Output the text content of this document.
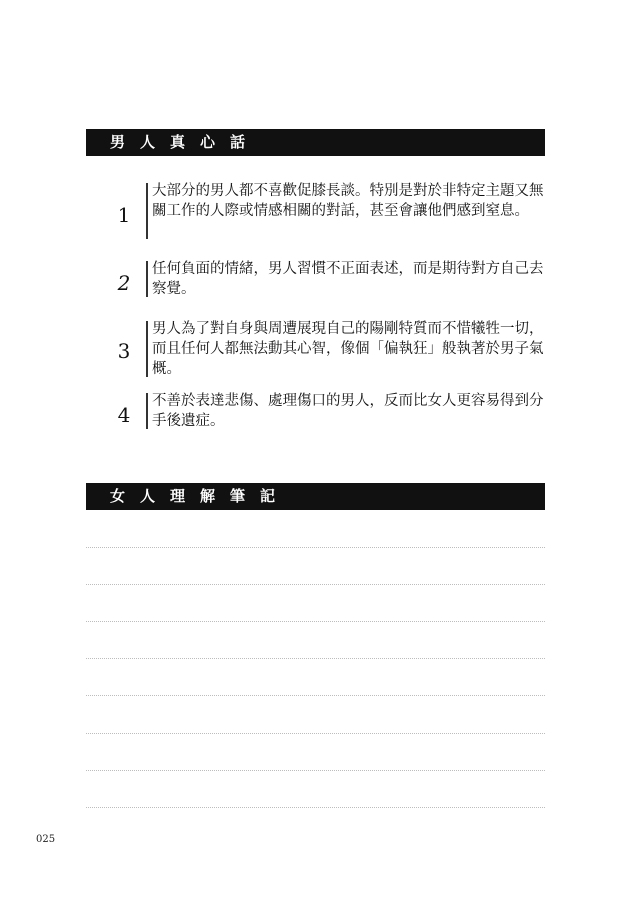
男人真心話
1
大部分的男人都不喜歡促膝長談。特別是對於非特定主題又無關工作的人際或情感相關的對話，甚至會讓他們感到窒息。
2
任何負面的情緒，男人習慣不正面表述，而是期待對方自己去察覺。
3
男人為了對自身與周遭展現自己的陽剛特質而不惜犧牲一切，而且任何人都無法動其心智，像個「偏執狂」般執著於男子氣概。
4
不善於表達悲傷、處理傷口的男人，反而比女人更容易得到分手後遺症。
女人理解筆記
025
